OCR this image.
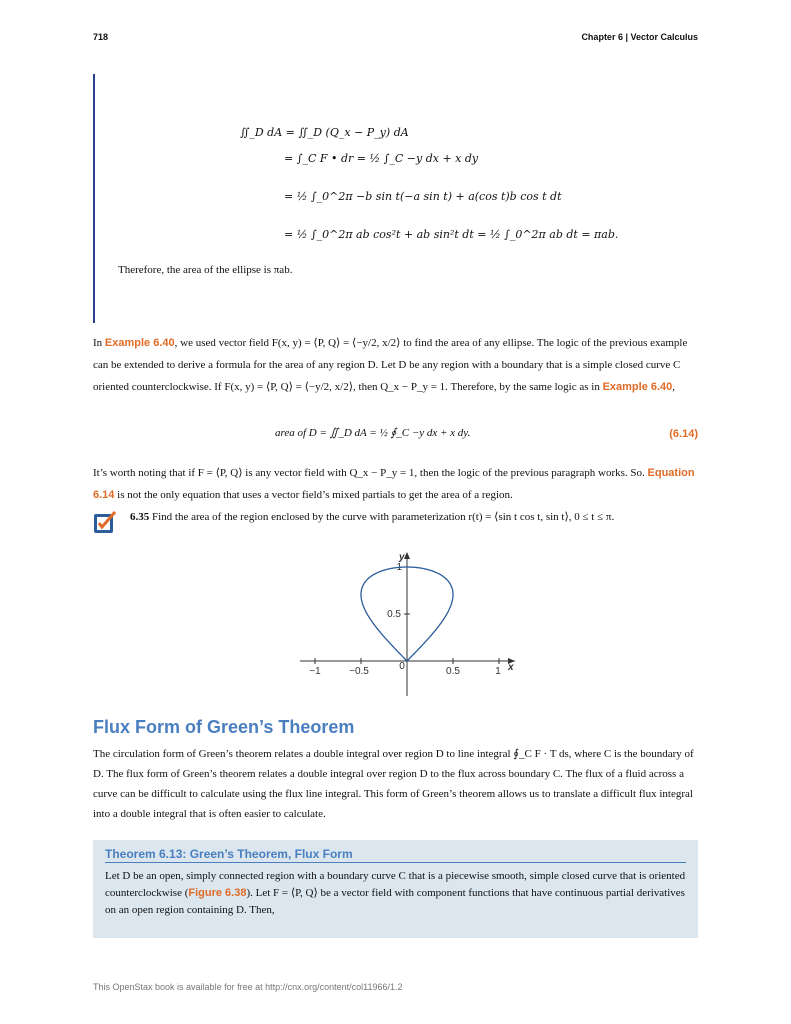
718	Chapter 6 | Vector Calculus
∬_D dA = ∬_D (Q_x − P_y) dA
= ∫_C F • dr = ½ ∫_C −y dx + x dy
= ½ ∫_0^2π −b sin t(−a sin t) + a(cos t)b cos t dt
= ½ ∫_0^2π ab cos²t + ab sin²t dt = ½ ∫_0^2π ab dt = πab.
Therefore, the area of the ellipse is πab.
In Example 6.40, we used vector field F(x, y) = ⟨P, Q⟩ = ⟨−y/2, x/2⟩ to find the area of any ellipse. The logic of the previous example can be extended to derive a formula for the area of any region D. Let D be any region with a boundary that is a simple closed curve C oriented counterclockwise. If F(x, y) = ⟨P, Q⟩ = ⟨−y/2, x/2⟩, then Q_x − P_y = 1. Therefore, by the same logic as in Example 6.40,
area of D = ∬_D dA = ½ ∮_C −y dx + x dy.	(6.14)
It’s worth noting that if F = ⟨P, Q⟩ is any vector field with Q_x − P_y = 1, then the logic of the previous paragraph works. So. Equation 6.14 is not the only equation that uses a vector field’s mixed partials to get the area of a region.
6.35 Find the area of the region enclosed by the curve with parameterization r(t) = ⟨sin t cos t, sin t⟩, 0 ≤ t ≤ π.
−1	−0.5	0	0.5	1
0.5
1
y
x
Flux Form of Green’s Theorem
The circulation form of Green’s theorem relates a double integral over region D to line integral ∮_C F · T ds, where C is the boundary of D. The flux form of Green’s theorem relates a double integral over region D to the flux across boundary C. The flux of a fluid across a curve can be difficult to calculate using the flux line integral. This form of Green’s theorem allows us to translate a difficult flux integral into a double integral that is often easier to calculate.
Theorem 6.13: Green’s Theorem, Flux Form
Let D be an open, simply connected region with a boundary curve C that is a piecewise smooth, simple closed curve that is oriented counterclockwise (Figure 6.38). Let F = ⟨P, Q⟩ be a vector field with component functions that have continuous partial derivatives on an open region containing D. Then,
This OpenStax book is available for free at http://cnx.org/content/col11966/1.2
